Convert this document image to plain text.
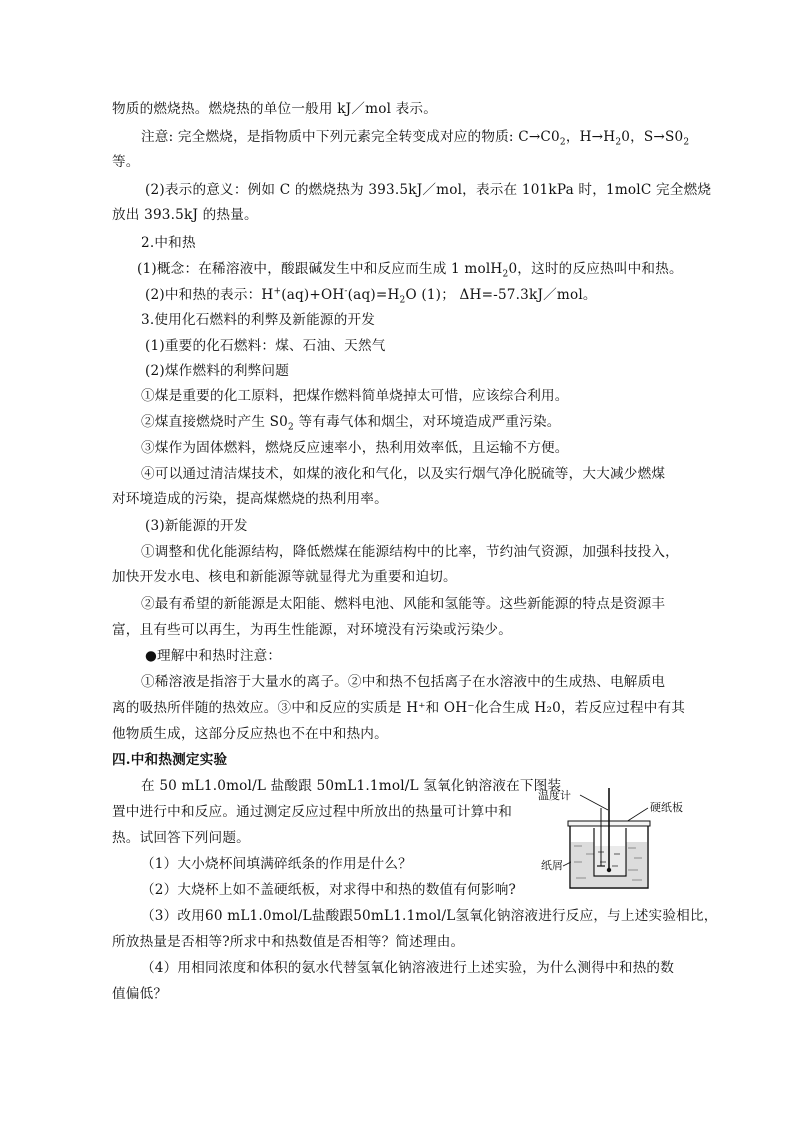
物质的燃烧热。燃烧热的单位一般用 kJ／mol 表示。
注意: 完全燃烧，是指物质中下列元素完全转变成对应的物质: $C\to C0_2$，$H\to H_20$，$S\to S0_2$
等。
(2)表示的意义：例如 C 的燃烧热为 393.5kJ／mol，表示在 101kPa 时，1molC 完全燃烧
放出 393.5kJ 的热量。
2.中和热
(1)概念：在稀溶液中，酸跟碱发生中和反应而生成 1 molH$_2$0，这时的反应热叫中和热。
(2)中和热的表示：$H^+(aq)+OH^-(aq)=H_2O$ (1)； ΔH=-57.3kJ／mol。
3.使用化石燃料的利弊及新能源的开发
(1)重要的化石燃料：煤、石油、天然气
(2)煤作燃料的利弊问题
①煤是重要的化工原料，把煤作燃料简单烧掉太可惜，应该综合利用。
②煤直接燃烧时产生 $S0_2$ 等有毒气体和烟尘，对环境造成严重污染。
③煤作为固体燃料，燃烧反应速率小，热利用效率低，且运输不方便。
④可以通过清洁煤技术，如煤的液化和气化，以及实行烟气净化脱硫等，大大减少燃煤
对环境造成的污染，提高煤燃烧的热利用率。
(3)新能源的开发
①调整和优化能源结构，降低燃煤在能源结构中的比率，节约油气资源，加强科技投入，
加快开发水电、核电和新能源等就显得尤为重要和迫切。
②最有希望的新能源是太阳能、燃料电池、风能和氢能等。这些新能源的特点是资源丰
富，且有些可以再生，为再生性能源，对环境没有污染或污染少。
●理解中和热时注意：
①稀溶液是指溶于大量水的离子。②中和热不包括离子在水溶液中的生成热、电解质电
离的吸热所伴随的热效应。③中和反应的实质是 H⁺和 OH⁻化合生成 H₂0，若反应过程中有其
他物质生成，这部分反应热也不在中和热内。
四.中和热测定实验
在 50 mL1.0mol/L 盐酸跟 50mL1.1mol/L 氢氧化钠溶液在下图装
置中进行中和反应。通过测定反应过程中所放出的热量可计算中和
热。试回答下列问题。
（1）大小烧杯间填满碎纸条的作用是什么？
（2）大烧杯上如不盖硬纸板，对求得中和热的数值有何影响?
（3）改用60 mL1.0mol/L盐酸跟50mL1.1mol/L氢氧化钠溶液进行反应，与上述实验相比，
所放热量是否相等?所求中和热数值是否相等？简述理由。
（4）用相同浓度和体积的氨水代替氢氧化钠溶液进行上述实验，为什么测得中和热的数
值偏低？
温度计
硬纸板
纸屑
